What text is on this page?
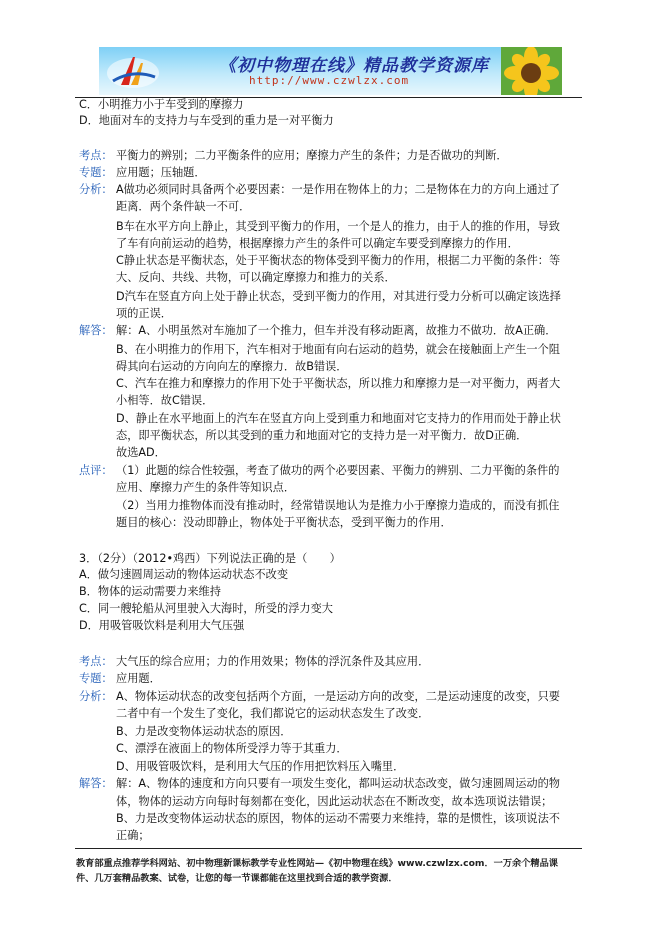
《初中物理在线》精品教学资源库
http://www.czwlzx.com
C．小明推力小于车受到的摩擦力
D．地面对车的支持力与车受到的重力是一对平衡力
考点： 平衡力的辨别；二力平衡条件的应用；摩擦力产生的条件；力是否做功的判断．
专题： 应用题；压轴题．
分析： A做功必须同时具备两个必要因素：一是作用在物体上的力；二是物体在力的方向上通过了
距离．两个条件缺一不可．
B车在水平方向上静止，其受到平衡力的作用，一个是人的推力，由于人的推的作用，导致
了车有向前运动的趋势，根据摩擦力产生的条件可以确定车要受到摩擦力的作用．
C静止状态是平衡状态，处于平衡状态的物体受到平衡力的作用，根据二力平衡的条件：等
大、反向、共线、共物，可以确定摩擦力和推力的关系．
D汽车在竖直方向上处于静止状态，受到平衡力的作用，对其进行受力分析可以确定该选择
项的正误．
解答： 解：A、小明虽然对车施加了一个推力，但车并没有移动距离，故推力不做功．故A正确．
B、在小明推力的作用下，汽车相对于地面有向右运动的趋势，就会在接触面上产生一个阻
碍其向右运动的方向向左的摩擦力．故B错误．
C、汽车在推力和摩擦力的作用下处于平衡状态，所以推力和摩擦力是一对平衡力，两者大
小相等．故C错误．
D、静止在水平地面上的汽车在竖直方向上受到重力和地面对它支持力的作用而处于静止状
态，即平衡状态，所以其受到的重力和地面对它的支持力是一对平衡力．故D正确．
故选AD．
点评： （1）此题的综合性较强，考查了做功的两个必要因素、平衡力的辨别、二力平衡的条件的
应用、摩擦力产生的条件等知识点．
（2）当用力推物体而没有推动时，经常错误地认为是推力小于摩擦力造成的，而没有抓住
题目的核心：没动即静止，物体处于平衡状态，受到平衡力的作用．
3．（2分）（2012•鸡西）下列说法正确的是（　　）
A．做匀速圆周运动的物体运动状态不改变
B．物体的运动需要力来维持
C．同一艘轮船从河里驶入大海时，所受的浮力变大
D．用吸管吸饮料是利用大气压强
考点： 大气压的综合应用；力的作用效果；物体的浮沉条件及其应用．
专题： 应用题．
分析： A、物体运动状态的改变包括两个方面，一是运动方向的改变，二是运动速度的改变，只要
二者中有一个发生了变化，我们都说它的运动状态发生了改变．
B、力是改变物体运动状态的原因．
C、漂浮在液面上的物体所受浮力等于其重力．
D、用吸管吸饮料，是利用大气压的作用把饮料压入嘴里．
解答： 解：A、物体的速度和方向只要有一项发生变化，都叫运动状态改变，做匀速圆周运动的物
体，物体的运动方向每时每刻都在变化，因此运动状态在不断改变，故本选项说法错误；
B、力是改变物体运动状态的原因，物体的运动不需要力来维持，靠的是惯性，该项说法不
正确；
教育部重点推荐学科网站、初中物理新课标教学专业性网站—《初中物理在线》www.czwlzx.com．一万余个精品课
件、几万套精品教案、试卷，让您的每一节课都能在这里找到合适的教学资源．
